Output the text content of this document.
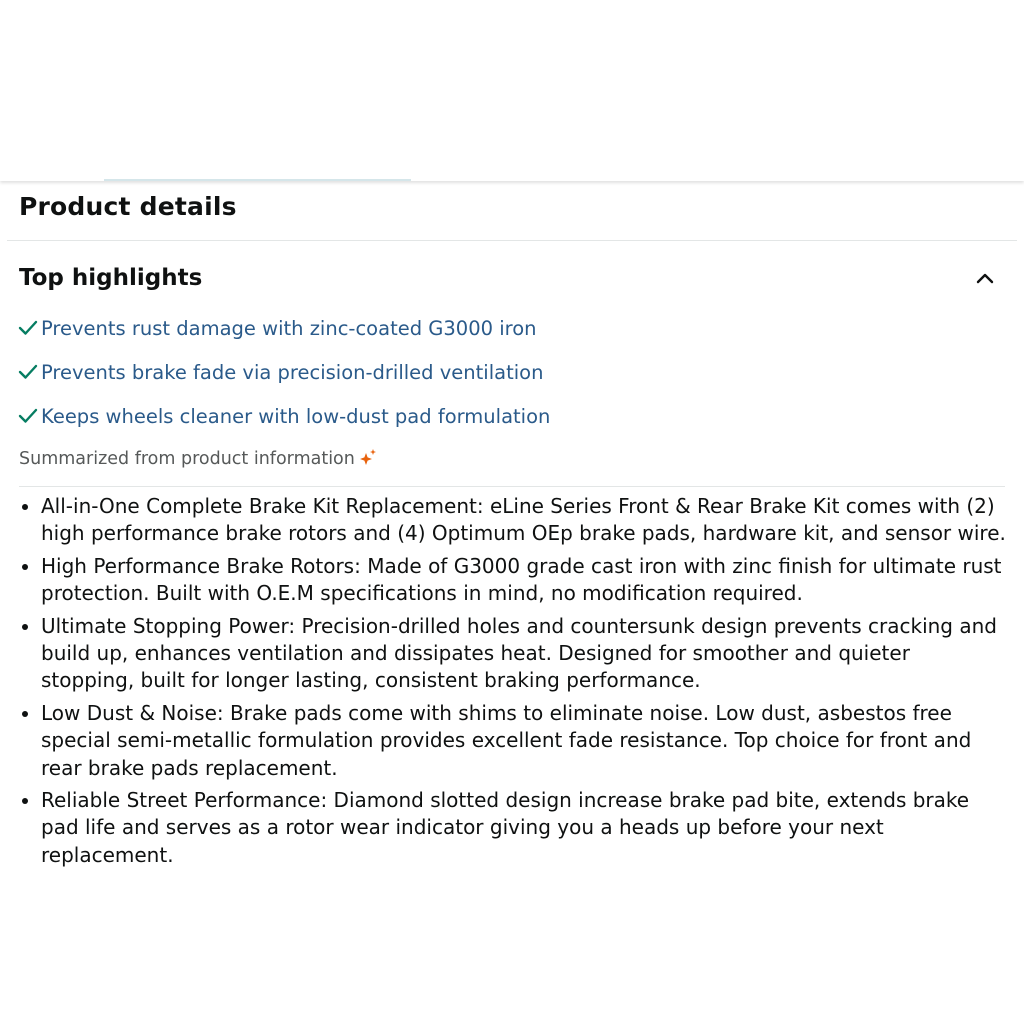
Product details
Top highlights
Prevents rust damage with zinc-coated G3000 iron
Prevents brake fade via precision-drilled ventilation
Keeps wheels cleaner with low-dust pad formulation
Summarized from product information
All-in-One Complete Brake Kit Replacement: eLine Series Front & Rear Brake Kit comes with (2) high performance brake rotors and (4) Optimum OEp brake pads, hardware kit, and sensor wire.
High Performance Brake Rotors: Made of G3000 grade cast iron with zinc finish for ultimate rust protection. Built with O.E.M specifications in mind, no modification required.
Ultimate Stopping Power: Precision-drilled holes and countersunk design prevents cracking and build up, enhances ventilation and dissipates heat. Designed for smoother and quieter stopping, built for longer lasting, consistent braking performance.
Low Dust & Noise: Brake pads come with shims to eliminate noise. Low dust, asbestos free special semi-metallic formulation provides excellent fade resistance. Top choice for front and rear brake pads replacement.
Reliable Street Performance: Diamond slotted design increase brake pad bite, extends brake pad life and serves as a rotor wear indicator giving you a heads up before your next replacement.
